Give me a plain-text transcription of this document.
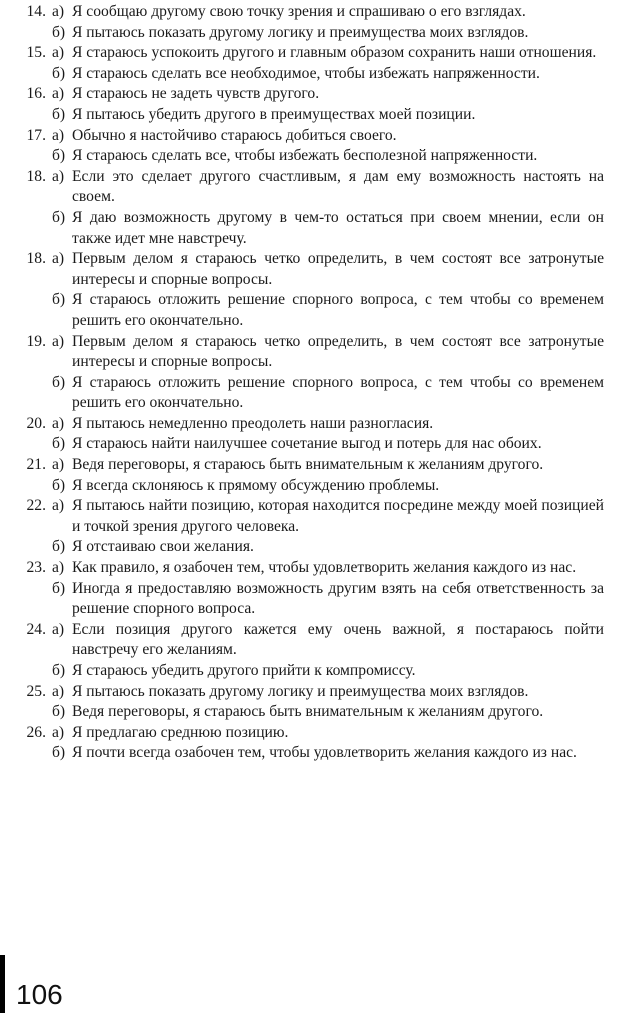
14. а) Я сообщаю другому свою точку зрения и спрашиваю о его взглядах.
б) Я пытаюсь показать другому логику и преимущества моих взглядов.
15. а) Я стараюсь успокоить другого и главным образом сохранить наши отношения.
б) Я стараюсь сделать все необходимое, чтобы избежать напряженности.
16. а) Я стараюсь не задеть чувств другого.
б) Я пытаюсь убедить другого в преимуществах моей позиции.
17. а) Обычно я настойчиво стараюсь добиться своего.
б) Я стараюсь сделать все, чтобы избежать бесполезной напряженности.
18. а) Если это сделает другого счастливым, я дам ему возможность настоять на своем.
б) Я даю возможность другому в чем-то остаться при своем мнении, если он также идет мне навстречу.
18. а) Первым делом я стараюсь четко определить, в чем состоят все затронутые интересы и спорные вопросы.
б) Я стараюсь отложить решение спорного вопроса, с тем чтобы со временем решить его окончательно.
19. а) Первым делом я стараюсь четко определить, в чем состоят все затронутые интересы и спорные вопросы.
б) Я стараюсь отложить решение спорного вопроса, с тем чтобы со временем решить его окончательно.
20. а) Я пытаюсь немедленно преодолеть наши разногласия.
б) Я стараюсь найти наилучшее сочетание выгод и потерь для нас обоих.
21. а) Ведя переговоры, я стараюсь быть внимательным к желаниям другого.
б) Я всегда склоняюсь к прямому обсуждению проблемы.
22. а) Я пытаюсь найти позицию, которая находится посредине между моей позицией и точкой зрения другого человека.
б) Я отстаиваю свои желания.
23. а) Как правило, я озабочен тем, чтобы удовлетворить желания каждого из нас.
б) Иногда я предоставляю возможность другим взять на себя ответственность за решение спорного вопроса.
24. а) Если позиция другого кажется ему очень важной, я постараюсь пойти навстречу его желаниям.
б) Я стараюсь убедить другого прийти к компромиссу.
25. а) Я пытаюсь показать другому логику и преимущества моих взглядов.
б) Ведя переговоры, я стараюсь быть внимательным к желаниям другого.
26. а) Я предлагаю среднюю позицию.
б) Я почти всегда озабочен тем, чтобы удовлетворить желания каждого из нас.
106
